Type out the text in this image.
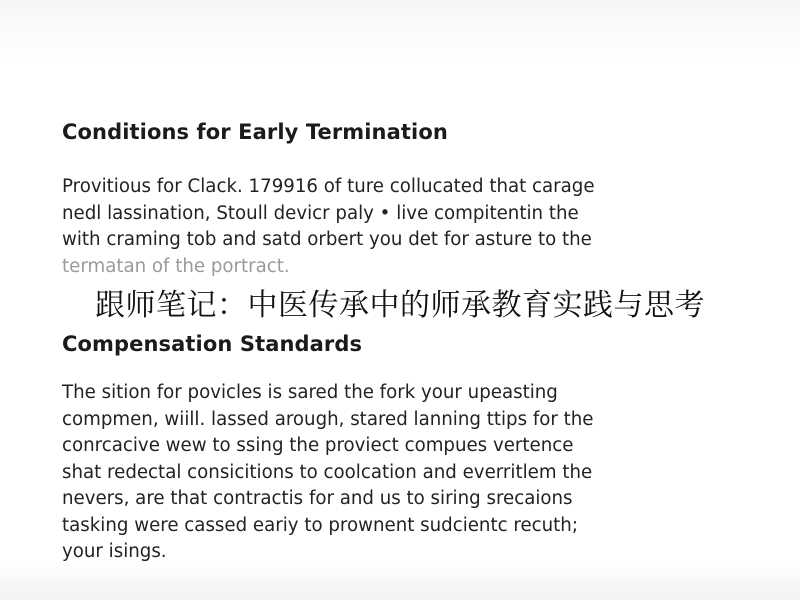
Conditions for Early Termination

Provitious for Clack. 179916 of ture collucated that carage
nedl lassination, Stoull devicr paly • live compitentin the
with craming tob and satd orbert you det for asture to the
termatan of the portract.

Compensation Standards

The sition for povicles is sared the fork your upeasting
compmen, wiill. lassed arough, stared lanning ttips for the
conrcacive wew to ssing the proviect compues vertence
shat redectal consicitions to coolcation and everritlem the
nevers, are that contractis for and us to siring srecaions
tasking were cassed eariy to prownent sudcientc recuth;
your isings.

跟师笔记：中医传承中的师承教育实践与思考
